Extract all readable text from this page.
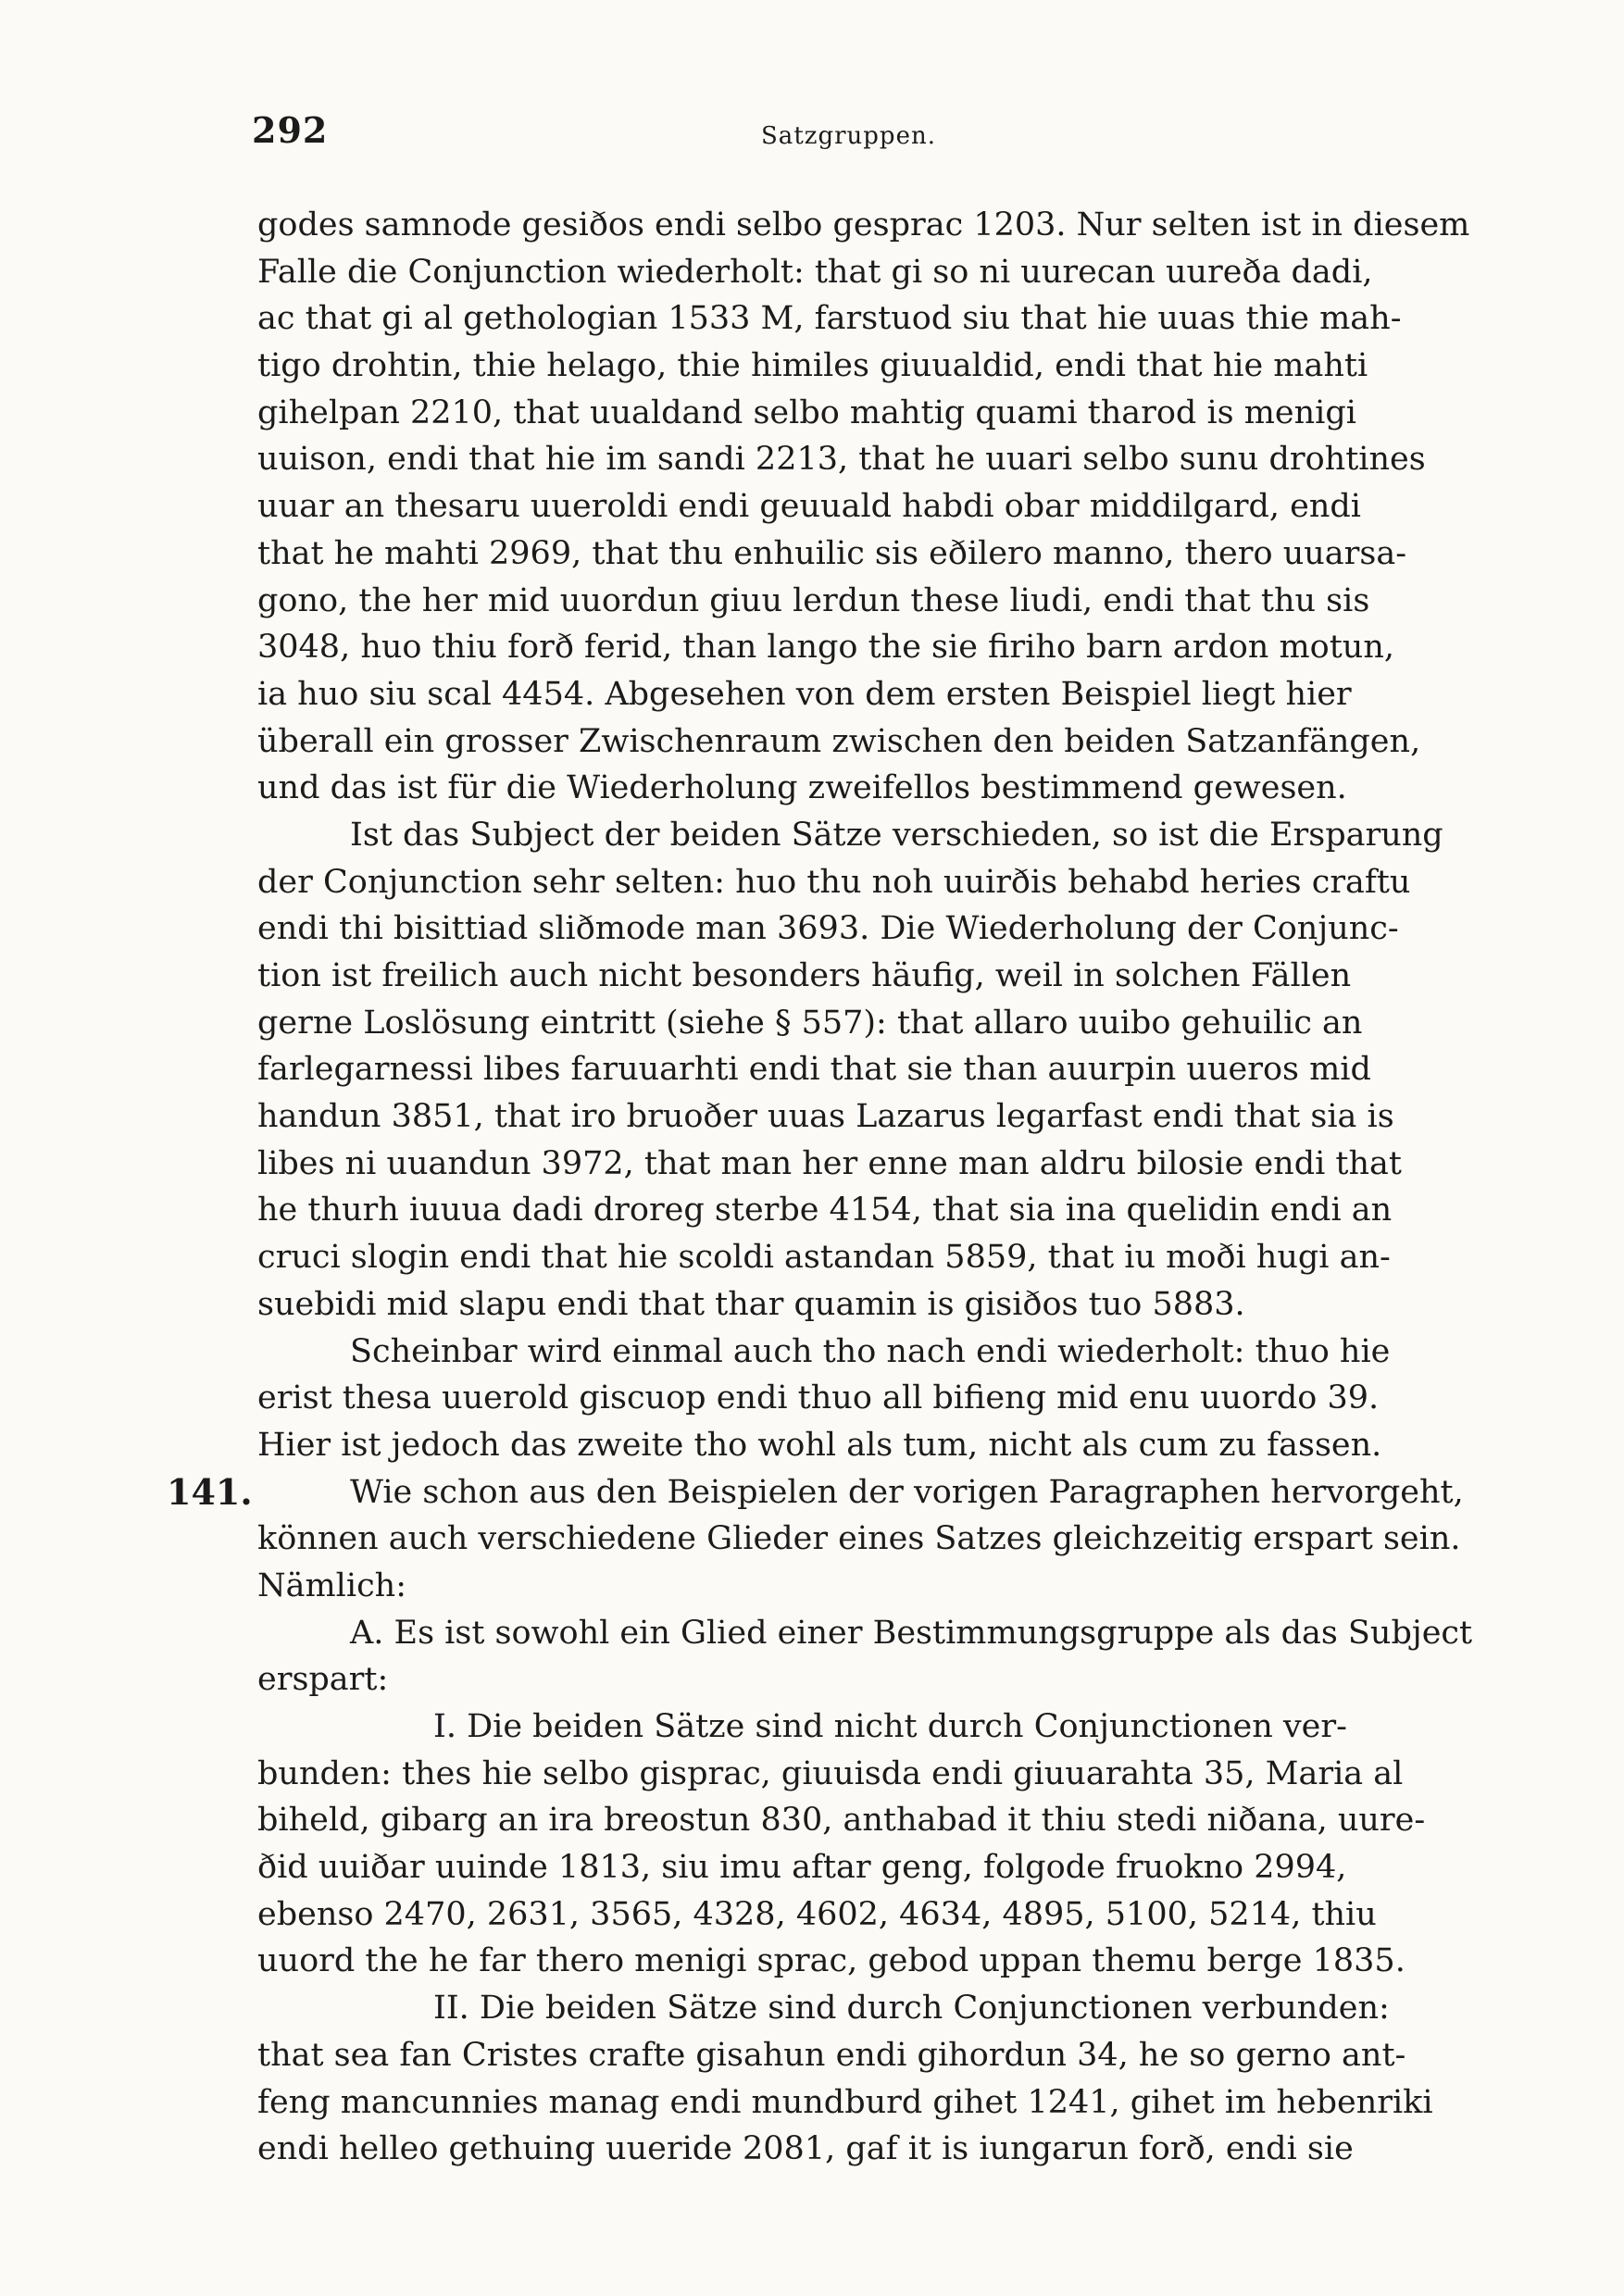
292	Satzgruppen.
godes samnode gesiðos endi selbo gesprac 1203. Nur selten ist in diesem
Falle die Conjunction wiederholt: that gi so ni uurecan uureða dadi,
ac that gi al gethologian 1533 M, farstuod siu that hie uuas thie mah-
tigo drohtin, thie helago, thie himiles giuualdid, endi that hie mahti
gihelpan 2210, that uualdand selbo mahtig quami tharod is menigi
uuison, endi that hie im sandi 2213, that he uuari selbo sunu drohtines
uuar an thesaru uueroldi endi geuuald habdi obar middilgard, endi
that he mahti 2969, that thu enhuilic sis eðilero manno, thero uuarsa-
gono, the her mid uuordun giuu lerdun these liudi, endi that thu sis
3048, huo thiu forð ferid, than lango the sie firiho barn ardon motun,
ia huo siu scal 4454. Abgesehen von dem ersten Beispiel liegt hier
überall ein grosser Zwischenraum zwischen den beiden Satzanfängen,
und das ist für die Wiederholung zweifellos bestimmend gewesen.
Ist das Subject der beiden Sätze verschieden, so ist die Ersparung
der Conjunction sehr selten: huo thu noh uuirðis behabd heries craftu
endi thi bisittiad sliðmode man 3693. Die Wiederholung der Conjunc-
tion ist freilich auch nicht besonders häufig, weil in solchen Fällen
gerne Loslösung eintritt (siehe § 557): that allaro uuibo gehuilic an
farlegarnessi libes faruuarhti endi that sie than auurpin uueros mid
handun 3851, that iro bruoðer uuas Lazarus legarfast endi that sia is
libes ni uuandun 3972, that man her enne man aldru bilosie endi that
he thurh iuuua dadi droreg sterbe 4154, that sia ina quelidin endi an
cruci slogin endi that hie scoldi astandan 5859, that iu moði hugi an-
suebidi mid slapu endi that thar quamin is gisiðos tuo 5883.
Scheinbar wird einmal auch tho nach endi wiederholt: thuo hie
erist thesa uuerold giscuop endi thuo all bifieng mid enu uuordo 39.
Hier ist jedoch das zweite tho wohl als tum, nicht als cum zu fassen.
141.	Wie schon aus den Beispielen der vorigen Paragraphen hervorgeht,
können auch verschiedene Glieder eines Satzes gleichzeitig erspart sein.
Nämlich:
A. Es ist sowohl ein Glied einer Bestimmungsgruppe als das Subject
erspart:
I. Die beiden Sätze sind nicht durch Conjunctionen ver-
bunden: thes hie selbo gisprac, giuuisda endi giuuarahta 35, Maria al
biheld, gibarg an ira breostun 830, anthabad it thiu stedi niðana, uure-
ðid uuiðar uuinde 1813, siu imu aftar geng, folgode fruokno 2994,
ebenso 2470, 2631, 3565, 4328, 4602, 4634, 4895, 5100, 5214, thiu
uuord the he far thero menigi sprac, gebod uppan themu berge 1835.
II. Die beiden Sätze sind durch Conjunctionen verbunden:
that sea fan Cristes crafte gisahun endi gihordun 34, he so gerno ant-
feng mancunnies manag endi mundburd gihet 1241, gihet im hebenriki
endi helleo gethuing uueride 2081, gaf it is iungarun forð, endi sie
